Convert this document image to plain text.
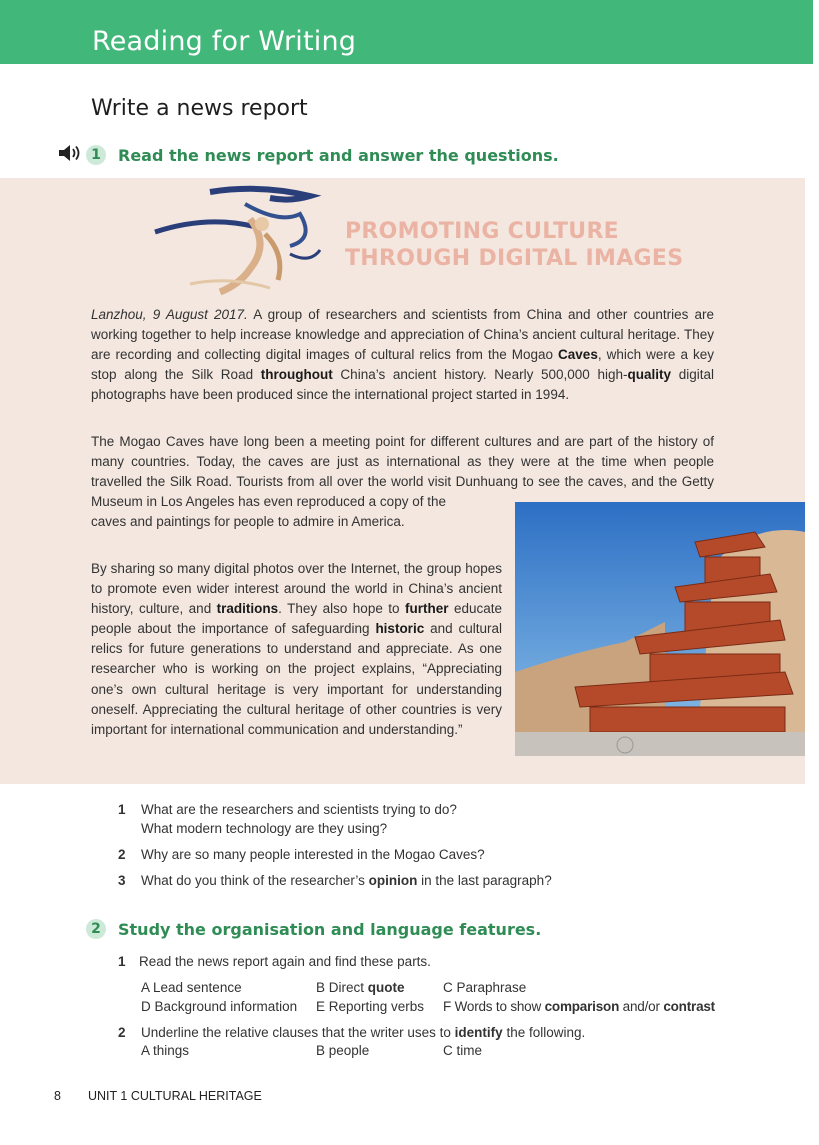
Reading for Writing
Write a news report
1	Read the news report and answer the questions.
PROMOTING CULTURE
THROUGH DIGITAL IMAGES

Lanzhou, 9 August 2017. A group of researchers and scientists from China and other countries are working together to help increase knowledge and appreciation of China’s ancient cultural heritage. They are recording and collecting digital images of cultural relics from the Mogao Caves, which were a key stop along the Silk Road throughout China’s ancient history. Nearly 500,000 high-quality digital photographs have been produced since the international project started in 1994.

The Mogao Caves have long been a meeting point for different cultures and are part of the history of many countries. Today, the caves are just as international as they were at the time when people travelled the Silk Road. Tourists from all over the world visit Dunhuang to see the caves, and the Getty Museum in Los Angeles has even reproduced a copy of the
caves and paintings for people to admire in America.

By sharing so many digital photos over the Internet, the group hopes to promote even wider interest around the world in China’s ancient history, culture, and traditions. They also hope to further educate people about the importance of safeguarding historic and cultural relics for future generations to understand and appreciate. As one researcher who is working on the project explains, “Appreciating one’s own cultural heritage is very important for understanding oneself. Appreciating the cultural heritage of other countries is very important for international communication and understanding.”

1 What are the researchers and scientists trying to do?
What modern technology are they using?
2 Why are so many people interested in the Mogao Caves?
3 What do you think of the researcher’s opinion in the last paragraph?
2	Study the organisation and language features.
1 Read the news report again and find these parts.
A Lead sentence	B Direct quote	C Paraphrase
D Background information E Reporting verbs F Words to show comparison and/or contrast
2 Underline the relative clauses that the writer uses to identify the following.
A things	B people	C time
8 UNIT 1 CULTURAL HERITAGE
